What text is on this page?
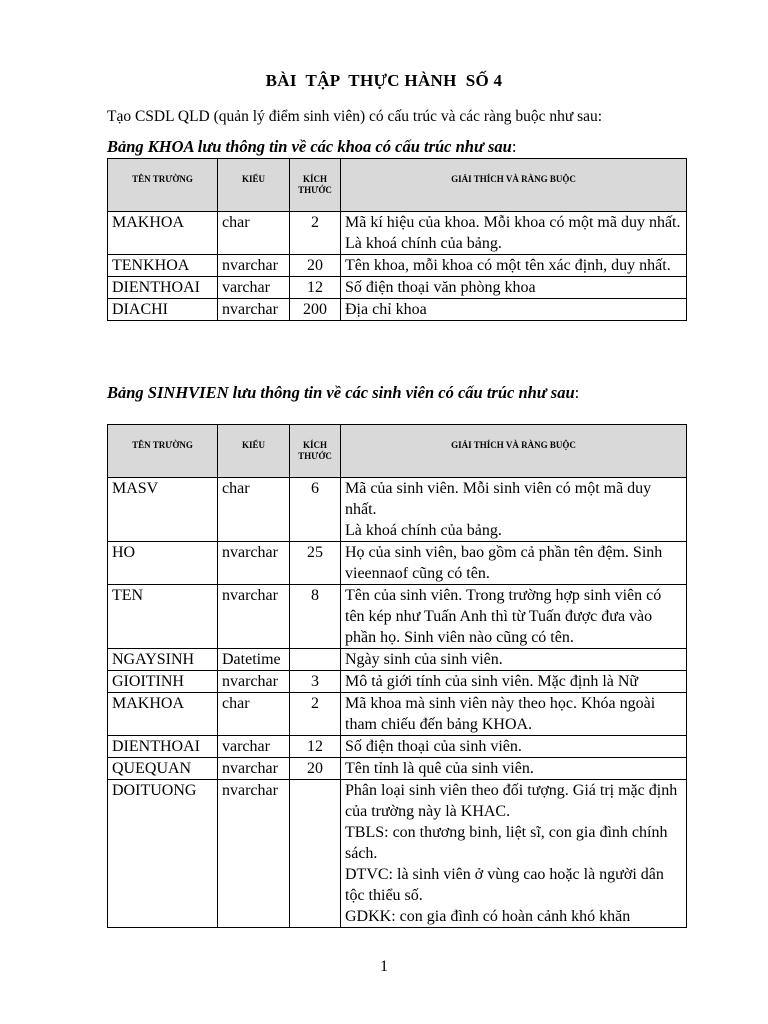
BÀI  TẬP  THỰC HÀNH  SỐ 4
Tạo CSDL QLD (quản lý điểm sinh viên) có cấu trúc và các ràng buộc như sau:
Bảng KHOA lưu thông tin về các khoa có cấu trúc như sau:
TÊN TRƯỜNG	KIỂU	KÍCH THƯỚC	GIẢI THÍCH VÀ RÀNG BUỘC
MAKHOA	char	2	Mã kí hiệu của khoa. Mỗi khoa có một mã duy nhất.
Là khoá chính của bảng.
TENKHOA	nvarchar	20	Tên khoa, mỗi khoa có một tên xác định, duy nhất.
DIENTHOAI	varchar	12	Số điện thoại văn phòng khoa
DIACHI	nvarchar	200	Địa chỉ khoa
Bảng SINHVIEN lưu thông tin về các sinh viên có cấu trúc như sau:
TÊN TRƯỜNG	KIỂU	KÍCH THƯỚC	GIẢI THÍCH VÀ RÀNG BUỘC
MASV	char	6	Mã của sinh viên. Mỗi sinh viên có một mã duy nhất.
Là khoá chính của bảng.
HO	nvarchar	25	Họ của sinh viên, bao gồm cả phần tên đệm. Sinh vieennaof cũng có tên.
TEN	nvarchar	8	Tên của sinh viên. Trong trường hợp sinh viên có tên kép như Tuấn Anh thì từ Tuấn được đưa vào phần họ. Sinh viên nào cũng có tên.
NGAYSINH	Datetime		Ngày sinh của sinh viên.
GIOITINH	nvarchar	3	Mô tả giới tính của sinh viên. Mặc định là Nữ
MAKHOA	char	2	Mã khoa mà sinh viên này theo học. Khóa ngoài tham chiếu đến bảng KHOA.
DIENTHOAI	varchar	12	Số điện thoại của sinh viên.
QUEQUAN	nvarchar	20	Tên tỉnh là quê của sinh viên.
DOITUONG	nvarchar		Phân loại sinh viên theo đối tượng. Giá trị mặc định của trường này là KHAC.
TBLS: con thương binh, liệt sĩ, con gia đình chính sách.
DTVC: là sinh viên ở vùng cao hoặc là người dân tộc thiểu số.
GDKK: con gia đình có hoàn cảnh khó khăn
1
